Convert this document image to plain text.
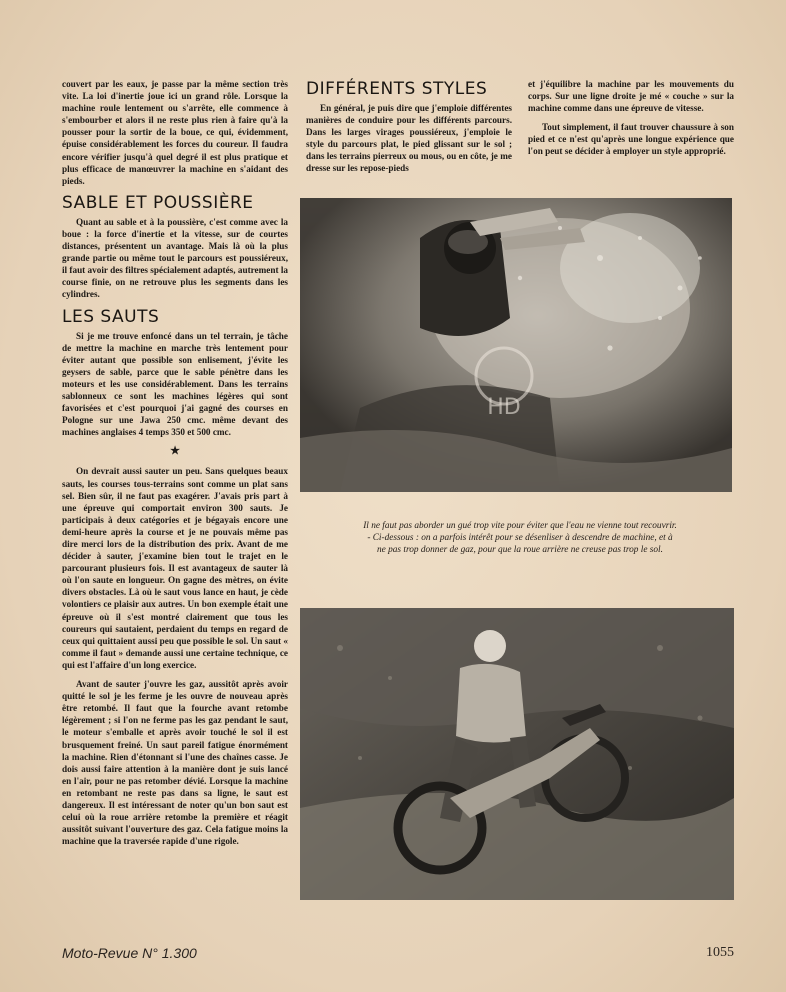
couvert par les eaux, je passe par la même section très vite. La loi d'inertie joue ici un grand rôle. Lorsque la machine roule lentement ou s'arrête, elle commence à s'embourber et alors il ne reste plus rien à faire qu'à la pousser pour la sortir de la boue, ce qui, évidemment, épuise considérablement les forces du coureur. Il faudra encore vérifier jusqu'à quel degré il est plus pratique et plus efficace de manœuvrer la machine en s'aidant des pieds.

SABLE ET POUSSIÈRE

Quant au sable et à la poussière, c'est comme avec la boue : la force d'inertie et la vitesse, sur de courtes distances, présentent un avantage. Mais là où la plus grande partie ou même tout le parcours est poussiéreux, il faut avoir des filtres spécialement adaptés, autrement la course finie, on ne retrouve plus les segments dans les cylindres.

LES SAUTS

Si je me trouve enfoncé dans un tel terrain, je tâche de mettre la machine en marche très lentement pour éviter autant que possible son enlisement, j'évite les geysers de sable, parce que le sable pénètre dans les moteurs et les use considérablement. Dans les terrains sablonneux ce sont les machines légères qui sont favorisées et c'est pourquoi j'ai gagné des courses en Pologne sur une Jawa 250 cmc. même devant des machines anglaises 4 temps 350 et 500 cmc.

★

On devrait aussi sauter un peu. Sans quelques beaux sauts, les courses tous-terrains sont comme un plat sans sel. Bien sûr, il ne faut pas exagérer. J'avais pris part à une épreuve qui comportait environ 300 sauts. Je participais à deux catégories et je bégayais encore une demi-heure après la course et je ne pouvais même pas dire merci lors de la distribution des prix. Avant de me décider à sauter, j'examine bien tout le trajet en le parcourant plusieurs fois. Il est avantageux de sauter là où l'on saute en longueur. On gagne des mètres, on évite divers obstacles. Là où le saut vous lance en haut, je cède volontiers ce plaisir aux autres. Un bon exemple était une épreuve où il s'est montré clairement que tous les coureurs qui sautaient, perdaient du temps en regard de ceux qui quittaient aussi peu que possible le sol. Un saut « comme il faut » demande aussi une certaine technique, ce qui est l'affaire d'un long exercice.

Avant de sauter j'ouvre les gaz, aussitôt après avoir quitté le sol je les ferme je les ouvre de nouveau après être retombé. Il faut que la fourche avant retombe légèrement ; si l'on ne ferme pas les gaz pendant le saut, le moteur s'emballe et après avoir touché le sol il est brusquement freiné. Un saut pareil fatigue énormément la machine. Rien d'étonnant si l'une des chaînes casse. Je dois aussi faire attention à la manière dont je suis lancé en l'air, pour ne pas retomber dévié. Lorsque la machine en retombant ne reste pas dans sa ligne, le saut est dangereux. Il est intéressant de noter qu'un bon saut est celui où la roue arrière retombe la première et réagit aussitôt suivant l'ouverture des gaz. Cela fatigue moins la machine que la traversée rapide d'une rigole.

DIFFÉRENTS STYLES

En général, je puis dire que j'emploie différentes manières de conduire pour les différents parcours. Dans les larges virages poussiéreux, j'emploie le style du parcours plat, le pied glissant sur le sol ; dans les terrains pierreux ou mous, ou en côte, je me dresse sur les repose-pieds

et j'équilibre la machine par les mouvements du corps. Sur une ligne droite je mé « couche » sur la machine comme dans une épreuve de vitesse.

Tout simplement, il faut trouver chaussure à son pied et ce n'est qu'après une longue expérience que l'on peut se décider à employer un style approprié.

HD
Il ne faut pas aborder un gué trop vite pour éviter que l'eau ne vienne tout recouvrir. - Ci-dessous : on a parfois intérêt pour se désenliser à descendre de machine, et à ne pas trop donner de gaz, pour que la roue arrière ne creuse pas trop le sol.
Moto-Revue N° 1.300	1055
